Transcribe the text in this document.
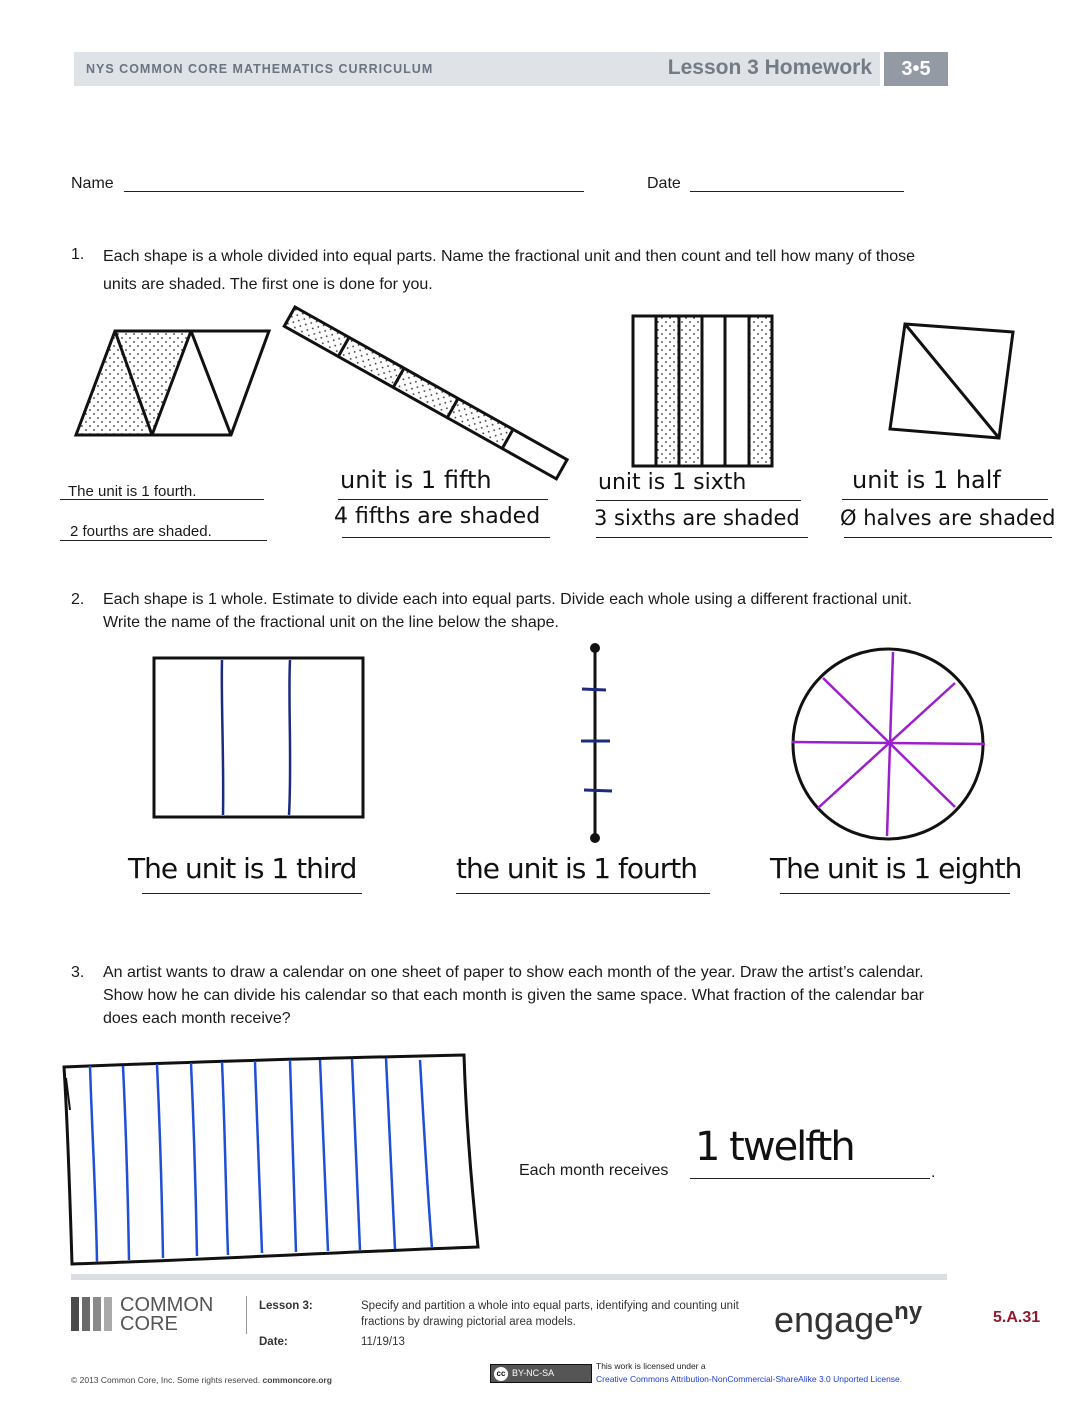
NYS COMMON CORE MATHEMATICS CURRICULUM	Lesson 3 Homework	3•5
Name	Date
1. Each shape is a whole divided into equal parts. Name the fractional unit and then count and tell how many of those units are shaded. The first one is done for you.
The unit is 1 fourth.
2 fourths are shaded.
unit is 1 fifth
4 fifths are shaded
unit is 1 sixth
3 sixths are shaded
unit is 1 half
Ø halves are shaded
2. Each shape is 1 whole. Estimate to divide each into equal parts. Divide each whole using a different fractional unit. Write the name of the fractional unit on the line below the shape.
The unit is 1 third	the unit is 1 fourth	The unit is 1 eighth
3. An artist wants to draw a calendar on one sheet of paper to show each month of the year. Draw the artist’s calendar. Show how he can divide his calendar so that each month is given the same space. What fraction of the calendar bar does each month receive?
Each month receives
1 twelfth
.
COMMON
CORE
Lesson 3:	Specify and partition a whole into equal parts, identifying and counting unit fractions by drawing pictorial area models.
Date:	11/19/13
engage$^{ny}$	5.A.31
© 2013 Common Core, Inc. Some rights reserved. commoncore.org
cc BY-NC-SA
This work is licensed under a
Creative Commons Attribution-NonCommercial-ShareAlike 3.0 Unported License.
